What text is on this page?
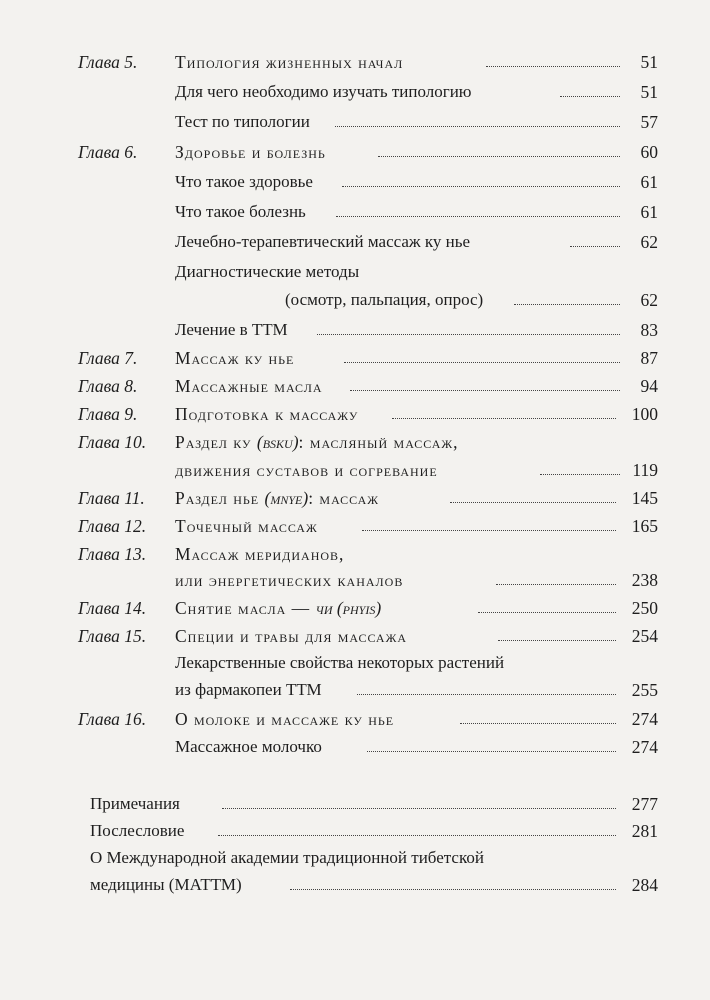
Глава 5. Типология жизненных начал	51
Для чего необходимо изучать типологию	51
Тест по типологии	57
Глава 6. Здоровье и болезнь	60
Что такое здоровье	61
Что такое болезнь	61
Лечебно-терапевтический массаж ку нье	62
Диагностические методы
(осмотр, пальпация, опрос)	62
Лечение в ТТМ	83
Глава 7. Массаж ку нье	87
Глава 8. Массажные масла	94
Глава 9. Подготовка к массажу	100
Глава 10. Раздел ку (bsku): масляный массаж,
движения суставов и согревание	119
Глава 11. Раздел нье (mnye): массаж	145
Глава 12. Точечный массаж	165
Глава 13. Массаж меридианов,
или энергетических каналов	238
Глава 14. Снятие масла — чи (phyis)	250
Глава 15. Специи и травы для массажа	254
Лекарственные свойства некоторых растений
из фармакопеи ТТМ	255
Глава 16. О молоке и массаже ку нье	274
Массажное молочко	274
Примечания	277
Послесловие	281
О Международной академии традиционной тибетской
медицины (МАТТМ)	284
